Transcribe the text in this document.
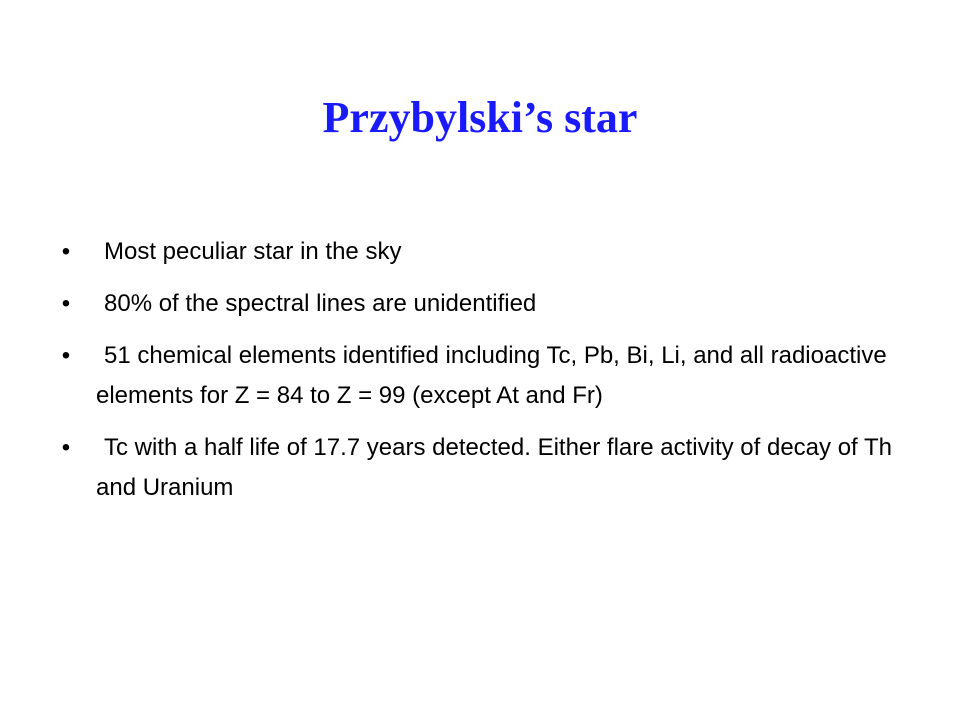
Przybylski’s star
•	Most peculiar star in the sky
•	80% of the spectral lines are unidentified
•	51 chemical elements identified including Tc, Pb, Bi, Li, and all radioactive elements for Z = 84 to Z = 99 (except At and Fr)
•	Tc with a half life of 17.7 years detected. Either flare activity of decay of Th and Uranium
